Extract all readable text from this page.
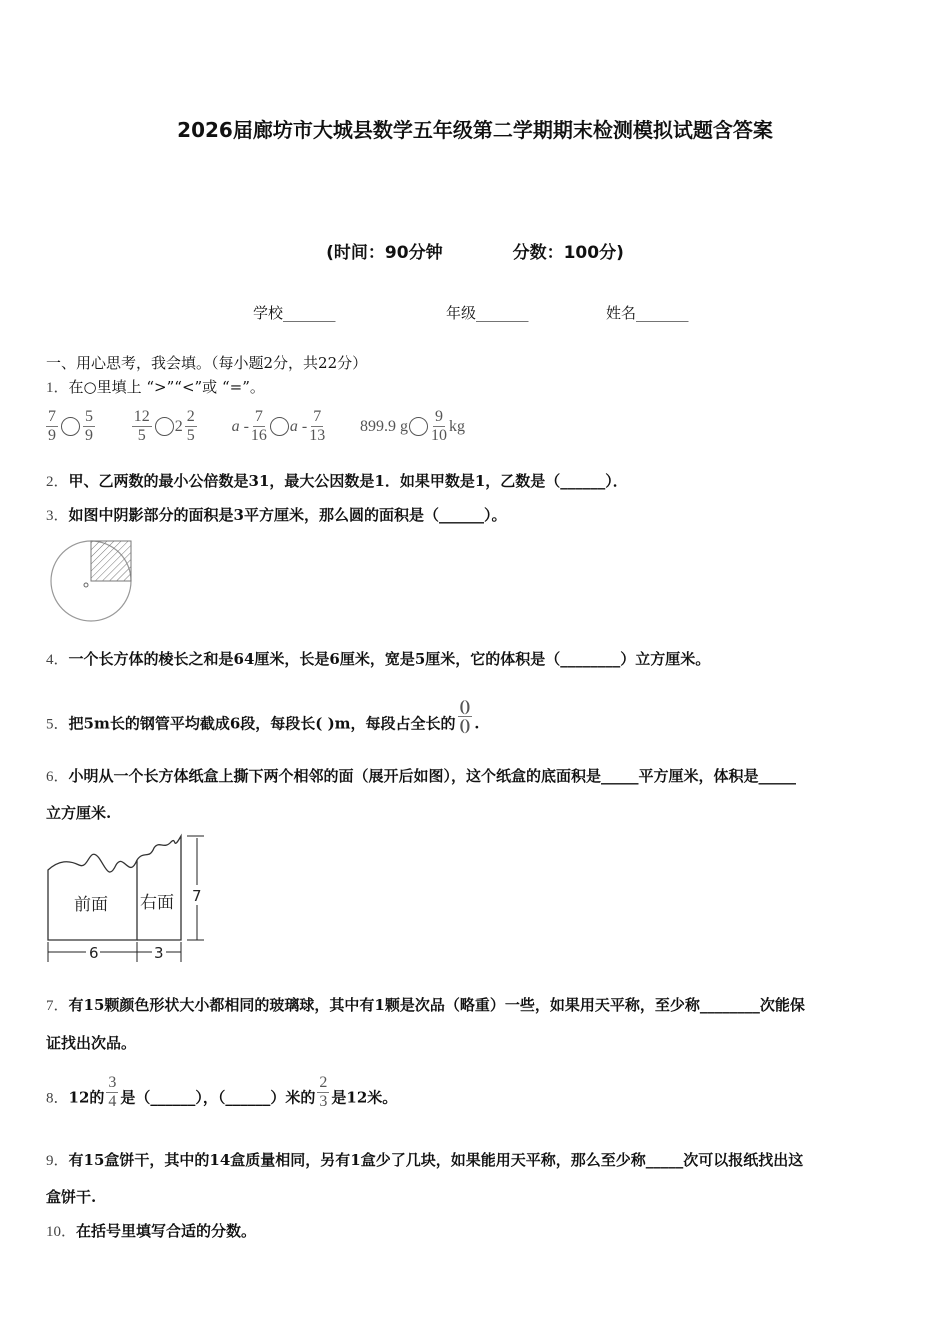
2026届廊坊市大城县数学五年级第二学期期末检测模拟试题含答案
(时间：90分钟	分数：100分)
学校_______	年级_______	姓名_______
一、用心思考，我会填。（每小题2分，共22分）
1．在○里填上 “>”“<”或 “=”。
$\frac{7}{9} \frac{5}{9}$
$\frac{12}{5} 2 \frac{2}{5}$ a - $\frac{7}{16}$ a - $\frac{7}{13} 899.9$ g $\frac{9}{10}$ kg
2．甲、乙两数的最小公倍数是31，最大公因数是1．如果甲数是1，乙数是（______）．
3．如图中阴影部分的面积是3平方厘米，那么圆的面积是（______）。
4．一个长方体的棱长之和是64厘米，长是6厘米，宽是5厘米，它的体积是（________）立方厘米。
5．把5m长的钢管平均截成6段，每段长( )m，每段占全长的
()
() .
6．小明从一个长方体纸盒上撕下两个相邻的面（展开后如图），这个纸盒的底面积是_____平方厘米，体积是_____
立方厘米.
前面 右面 7
6	3
7．有15颗颜色形状大小都相同的玻璃球，其中有1颗是次品（略重）一些，如果用天平称，至少称________次能保
证找出次品。
8．12的 $\frac{3}{4}$ 是（______），（______）米的 $\frac{2}{3}$ 是12米。
9．有15盒饼干，其中的14盒质量相同，另有1盒少了几块，如果能用天平称，那么至少称_____次可以报纸找出这
盒饼干.
10．在括号里填写合适的分数。
